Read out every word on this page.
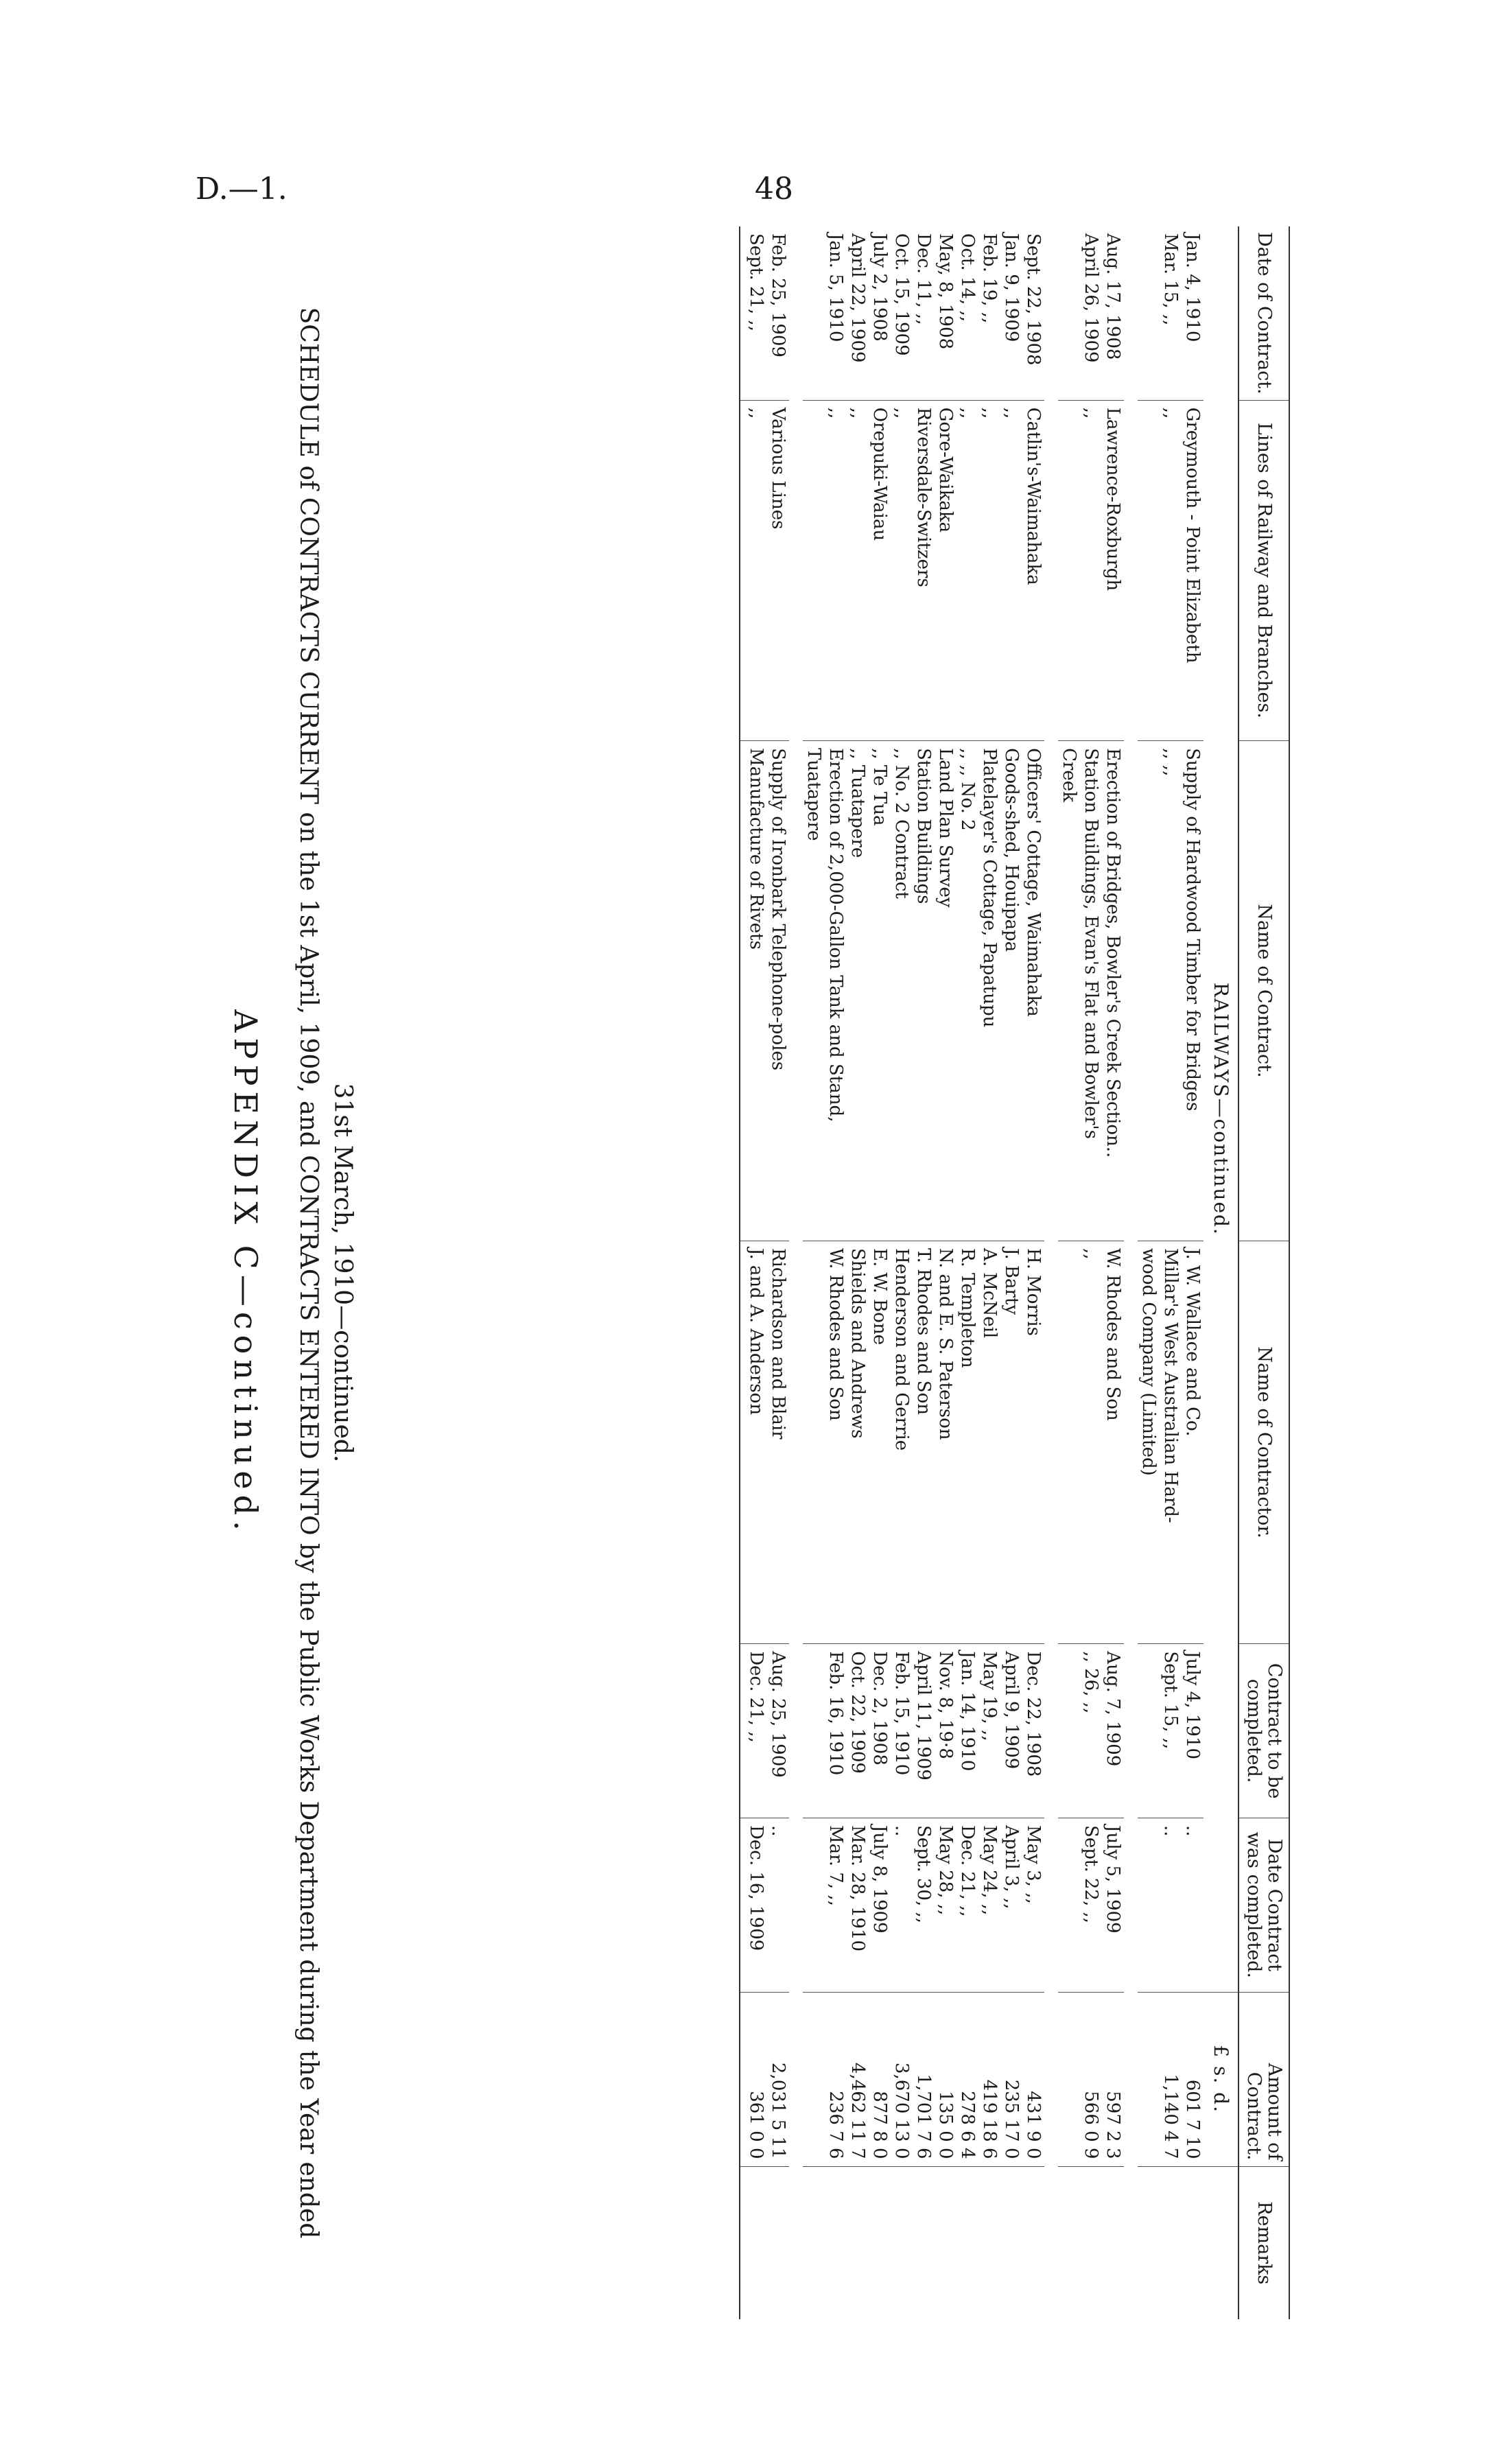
D.—1.	48
APPENDIX C—continued. SCHEDULE of CONTRACTS CURRENT on the 1st April, 1909, and CONTRACTS ENTERED INTO by the Public Works Department during the Year ended 31st March, 1910—continued.
Date of Contract.	Lines of Railway and Branches.	Name of Contract.	Name of Contractor.	Contract to be completed.	Date Contract was completed.	Amount of Contract.	Remarks
RAILWAYS—continued.						£ s. d.	
Jan. 4, 1910	Greymouth - Point Elizabeth	Supply of Hardwood Timber for Bridges	J. W. Wallace and Co.	July 4, 1910	..	601 7 10	
Mar. 15, ,,	,,	,, ,,	Millar's West Australian Hard-	Sept. 15, ,,	..	1,140 4 7	
			wood Company (Limited)				

Aug. 17, 1908	Lawrence-Roxburgh	Erection of Bridges, Bowler's Creek Section..	W. Rhodes and Son	Aug. 7, 1909	July 5, 1909	597 2 3	
April 26, 1909	,,	Station Buildings, Evan's Flat and Bowler's	,,	,, 26, ,,	Sept. 22, ,,	566 0 9	
		Creek					

Sept. 22, 1908	Catlin's-Waimahaka	Officers' Cottage, Waimahaka	H. Morris	Dec. 22, 1908	May 3, ,,	431 9 0	
Jan. 9, 1909	,,	Goods-shed, Houipapa	J. Barty	April 9, 1909	April 3, ,,	235 17 0	
Feb. 19, ,,	,,	Platelayer's Cottage, Papatupu	A. McNeil	May 19, ,,	May 24, ,,	419 18 6	
Oct. 14, ,,	,,	,, ,, No. 2	R. Templeton	Jan. 14, 1910	Dec. 21, ,,	278 6 4	
May, 8, 1908	Gore-Waikaka	Land Plan Survey	N. and E. S. Paterson	Nov. 8, 19·8	May 28, ,,	135 0 0	
Dec. 11, ,,	Riversdale-Switzers	Station Buildings	T. Rhodes and Son	April 11, 1909	Sept. 30, ,,	1,701 7 6	
Oct. 15, 1909	,,	,, No. 2 Contract	Henderson and Gerrie	Feb. 15, 1910	..	3,670 13 0	
July 2, 1908	Orepuki-Waiau	,, Te Tua	E. W. Bone	Dec. 2, 1908	July 8, 1909	877 8 0	
April 22, 1909	,,	,, Tuatapere	Shields and Andrews	Oct. 22, 1909	Mar. 28, 1910	4,462 11 7	
Jan. 5, 1910	,,	Erection of 2,000-Gallon Tank and Stand,	W. Rhodes and Son	Feb. 16, 1910	Mar. 7, ,,	236 7 6	
		Tuatapere					

Feb. 25, 1909	Various Lines	Supply of Ironbark Telephone-poles	Richardson and Blair	Aug. 25, 1909	..	2,031 5 11	
Sept. 21, ,,	,,	Manufacture of Rivets	J. and A. Anderson	Dec. 21, ,,	Dec. 16, 1909	361 0 0	
